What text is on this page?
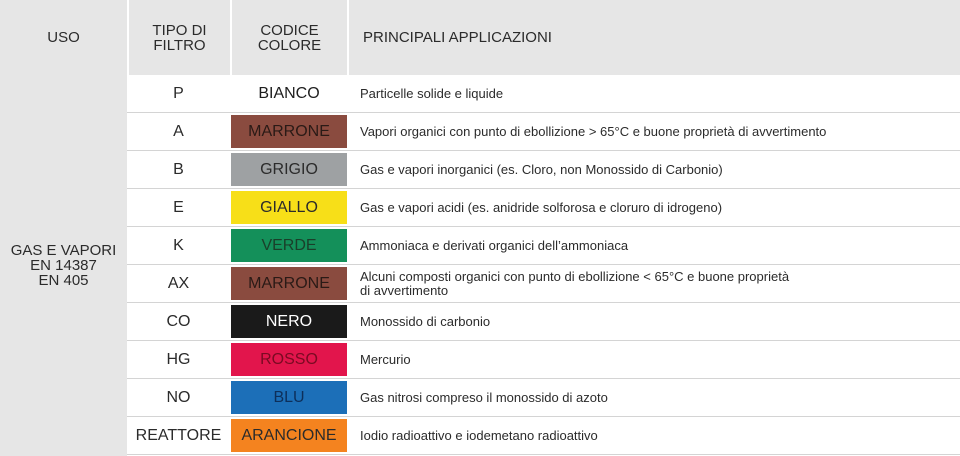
USO	TIPO DI
FILTRO
CODICE
COLORE	PRINCIPALI APPLICAZIONI
GAS E VAPORI
EN 14387
EN 405
P	BIANCO	Particelle solide e liquide
A	MARRONE	Vapori organici con punto di ebollizione > 65°C e buone proprietà di avvertimento
B	GRIGIO	Gas e vapori inorganici (es. Cloro, non Monossido di Carbonio)
E	GIALLO	Gas e vapori acidi (es. anidride solforosa e cloruro di idrogeno)
K	VERDE	Ammoniaca e derivati organici dell’ammoniaca
AX	MARRONE	Alcuni composti organici con punto di ebollizione < 65°C e buone proprietà
di avvertimento
CO	NERO	Monossido di carbonio
HG	ROSSO	Mercurio
NO	BLU	Gas nitrosi compreso il monossido di azoto
REATTORE	ARANCIONE	Iodio radioattivo e iodemetano radioattivo
